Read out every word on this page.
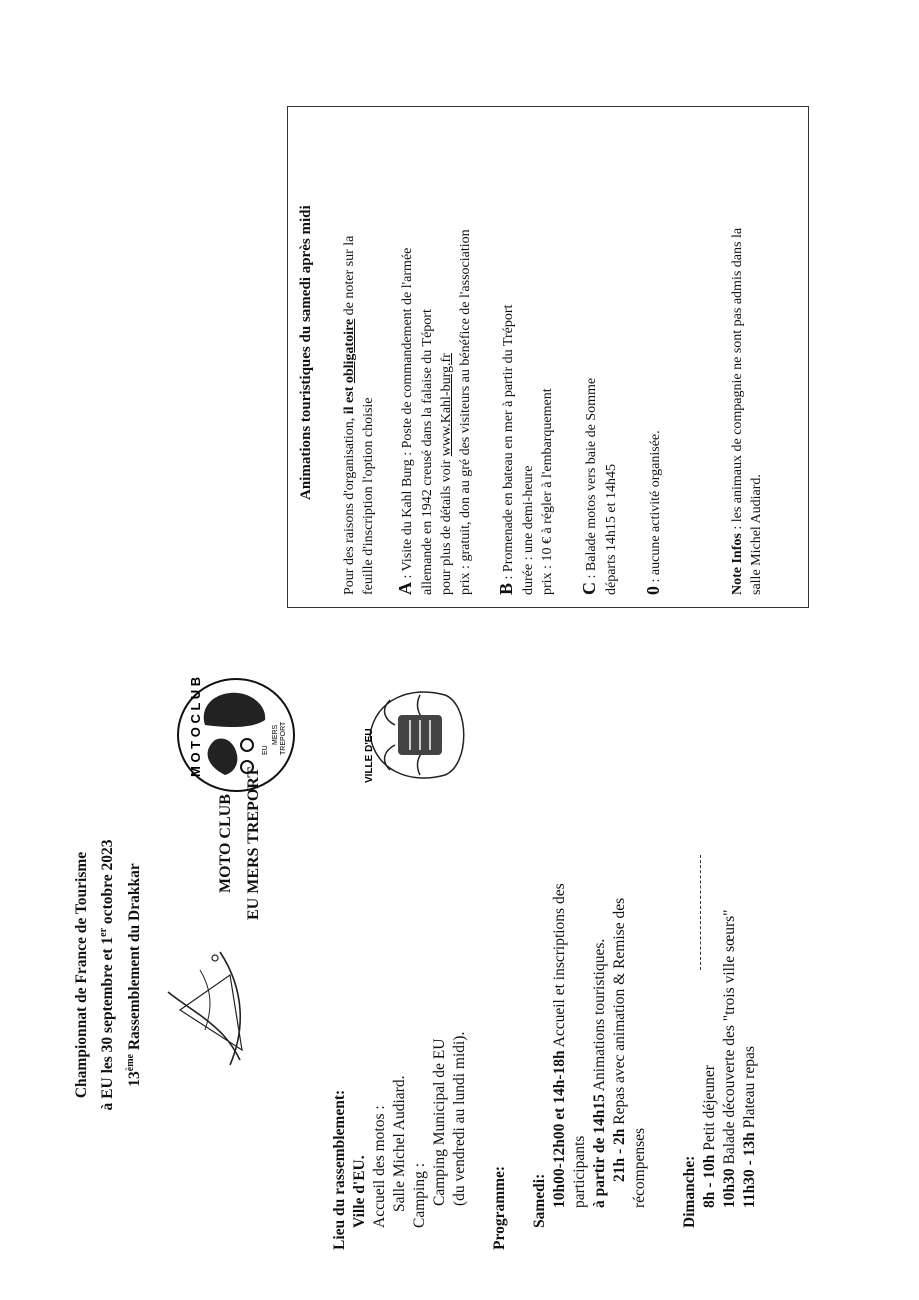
Championnat de France de Tourisme à EU les 30 septembre et 1er octobre 2023
13ème Rassemblement du Drakkar
MOTO CLUB EU MERS TREPORT
M O T O C L U B	EU
MERS TREPORT	VILLE D'EU
Lieu du rassemblement: Ville d'EU. Accueil des motos : Salle Michel Audiard. Camping : Camping Municipal de EU (du vendredi au lundi midi).
Programme: Samedi: 10h00-12h00 et 14h-18h Accueil et inscriptions des
participants à partir de 14h15 Animations touristiques.
21h - 2h Repas avec animation & Remise des
récompenses Dimanche: 8h - 10h Petit déjeuner
10h30 Balade découverte des "trois ville sœurs"
11h30 - 13h Plateau repas
Animations touristiques du samedi après midi
Pour des raisons d'organisation, il est obligatoire de noter sur la
feuille d'inscription l'option choisie A : Visite du Kahl Burg : Poste de commandement de l'armée allemande en 1942 creusé dans la falaise du Téport pour plus de détails voir www.Kahl-burg.fr prix : gratuit, don au gré des visiteurs au bénéfice de l'association B : Promenade en bateau en mer à partir du Tréport durée : une demi-heure prix : 10 € à régler à l'embarquement C : Balade motos vers baie de Somme départs 14h15 et 14h45 0 : aucune activité organisée.	Note Infos : les animaux de compagnie ne sont pas admis dans la
salle Michel Audiard.
